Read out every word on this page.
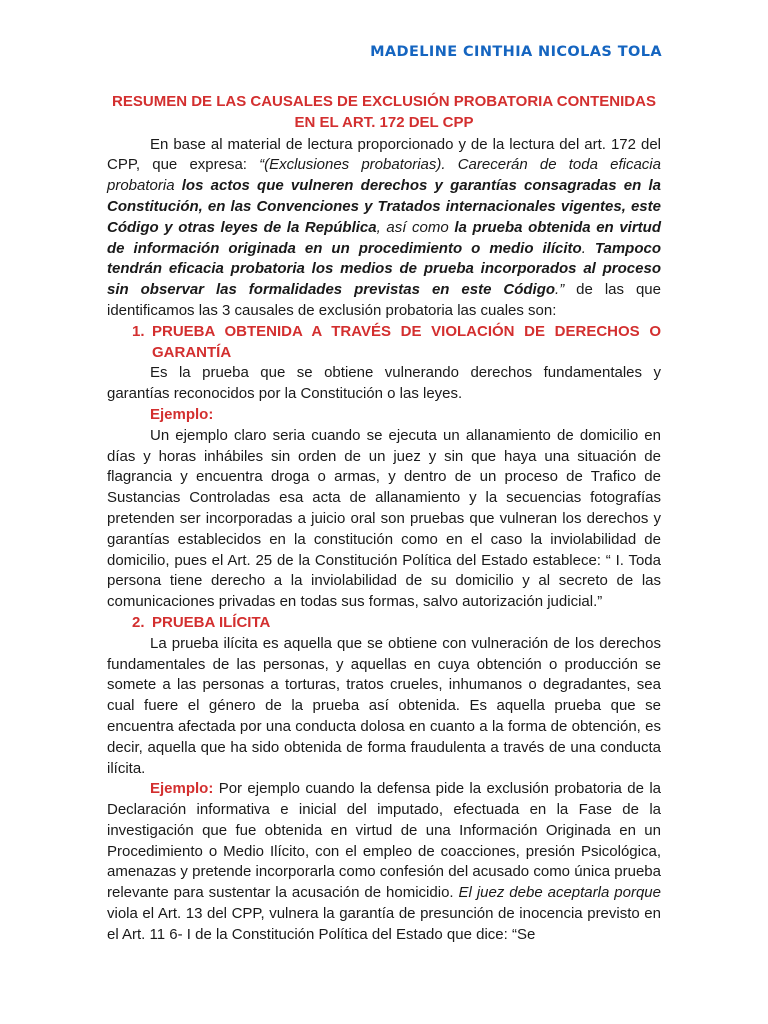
MADELINE CINTHIA NICOLAS TOLA
RESUMEN DE LAS CAUSALES DE EXCLUSIÓN PROBATORIA CONTENIDAS
EN EL ART. 172 DEL CPP

En base al material de lectura proporcionado y de la lectura del art. 172 del CPP, que expresa: “(Exclusiones probatorias). Carecerán de toda eficacia probatoria los actos que vulneren derechos y garantías consagradas en la Constitución, en las Convenciones y Tratados internacionales vigentes, este Código y otras leyes de la República, así como la prueba obtenida en virtud de información originada en un procedimiento o medio ilícito. Tampoco tendrán eficacia probatoria los medios de prueba incorporados al proceso sin observar las formalidades previstas en este Código.” de las que identificamos las 3 causales de exclusión probatoria las cuales son:

1. PRUEBA OBTENIDA A TRAVÉS DE VIOLACIÓN DE DERECHOS O GARANTÍA

Es la prueba que se obtiene vulnerando derechos fundamentales y garantías reconocidos por la Constitución o las leyes.

Ejemplo:

Un ejemplo claro seria cuando se ejecuta un allanamiento de domicilio en días y horas inhábiles sin orden de un juez y sin que haya una situación de flagrancia y encuentra droga o armas, y dentro de un proceso de Trafico de Sustancias Controladas esa acta de allanamiento y la secuencias fotografías pretenden ser incorporadas a juicio oral son pruebas que vulneran los derechos y garantías establecidos en la constitución como en el caso la inviolabilidad de domicilio, pues el Art. 25 de la Constitución Política del Estado establece: “ I. Toda persona tiene derecho a la inviolabilidad de su domicilio y al secreto de las comunicaciones privadas en todas sus formas, salvo autorización judicial.”

2. PRUEBA ILÍCITA

La prueba ilícita es aquella que se obtiene con vulneración de los derechos fundamentales de las personas, y aquellas en cuya obtención o producción se somete a las personas a torturas, tratos crueles, inhumanos o degradantes, sea cual fuere el género de la prueba así obtenida. Es aquella prueba que se encuentra afectada por una conducta dolosa en cuanto a la forma de obtención, es decir, aquella que ha sido obtenida de forma fraudulenta a través de una conducta ilícita.

Ejemplo: Por ejemplo cuando la defensa pide la exclusión probatoria de la Declaración informativa e inicial del imputado, efectuada en la Fase de la investigación que fue obtenida en virtud de una Información Originada en un Procedimiento o Medio Ilícito, con el empleo de coacciones, presión Psicológica, amenazas y pretende incorporarla como confesión del acusado como única prueba relevante para sustentar la acusación de homicidio. El juez debe aceptarla porque viola el Art. 13 del CPP, vulnera la garantía de presunción de inocencia previsto en el Art. 11 6- I de la Constitución Política del Estado que dice: “Se
